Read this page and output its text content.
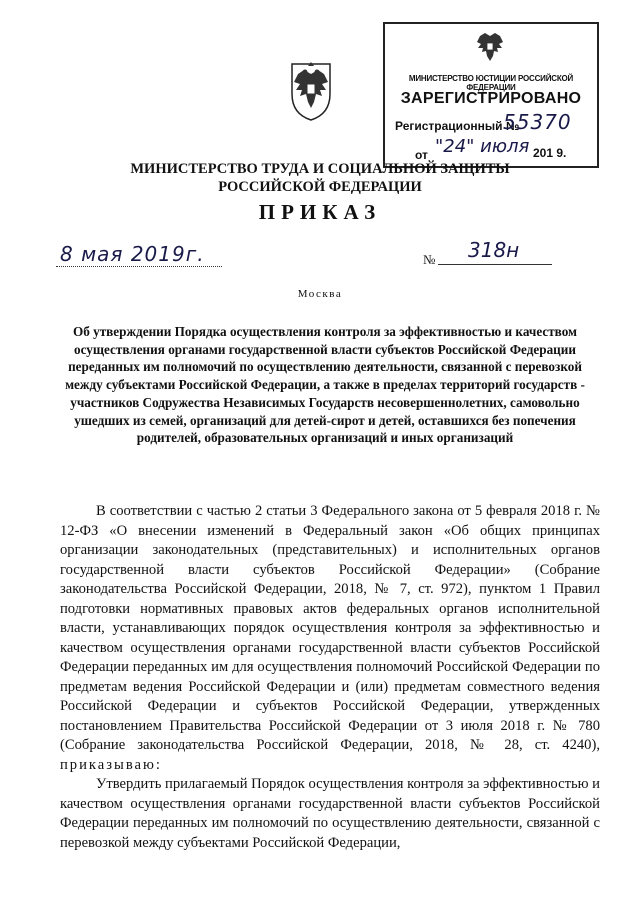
МИНИСТЕРСТВО ЮСТИЦИИ РОССИЙСКОЙ ФЕДЕРАЦИИ
ЗАРЕГИСТРИРОВАНО
Регистрационный №
55370
от "24" июля 201 9.
МИНИСТЕРСТВО ТРУДА И СОЦИАЛЬНОЙ ЗАЩИТЫ
РОССИЙСКОЙ ФЕДЕРАЦИИ
ПРИКАЗ
8 мая 2019г.	№ 318н
Москва
Об утверждении Порядка осуществления контроля за эффективностью и качеством осуществления органами государственной власти субъектов Российской Федерации переданных им полномочий по осуществлению деятельности, связанной с перевозкой между субъектами Российской Федерации, а также в пределах территорий государств - участников Содружества Независимых Государств несовершеннолетних, самовольно ушедших из семей, организаций для детей-сирот и детей, оставшихся без попечения родителей, образовательных организаций и иных организаций

В соответствии с частью 2 статьи 3 Федерального закона от 5 февраля 2018 г. № 12-ФЗ «О внесении изменений в Федеральный закон «Об общих принципах организации законодательных (представительных) и исполнительных органов государственной власти субъектов Российской Федерации» (Собрание законодательства Российской Федерации, 2018, № 7, ст. 972), пунктом 1 Правил подготовки нормативных правовых актов федеральных органов исполнительной власти, устанавливающих порядок осуществления контроля за эффективностью и качеством осуществления органами государственной власти субъектов Российской Федерации переданных им для осуществления полномочий Российской Федерации по предметам ведения Российской Федерации и (или) предметам совместного ведения Российской Федерации и субъектов Российской Федерации, утвержденных постановлением Правительства Российской Федерации от 3 июля 2018 г. № 780 (Собрание законодательства Российской Федерации, 2018, № 28, ст. 4240), приказываю:

Утвердить прилагаемый Порядок осуществления контроля за эффективностью и качеством осуществления органами государственной власти субъектов Российской Федерации переданных им полномочий по осуществлению деятельности, связанной с перевозкой между субъектами Российской Федерации,
